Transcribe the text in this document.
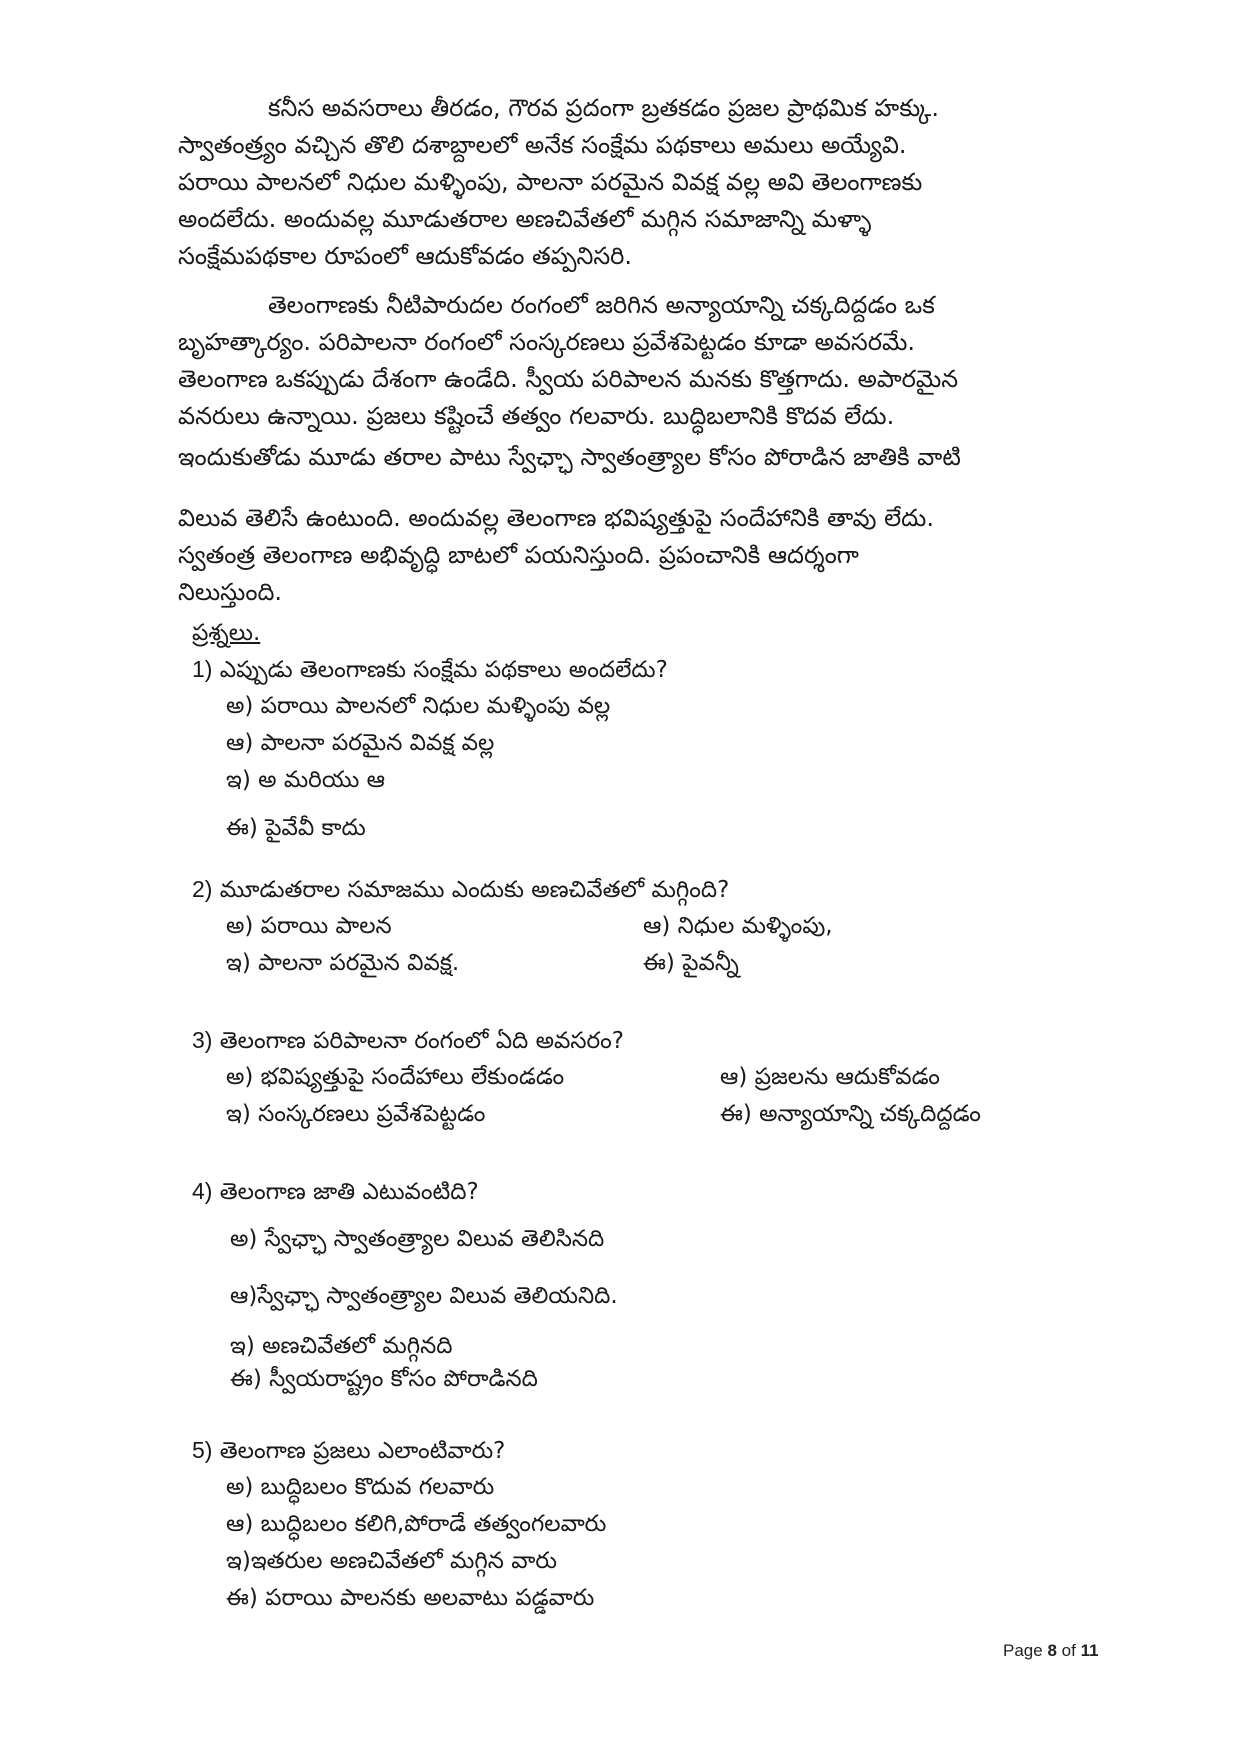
కనీస అవసరాలు తీరడం, గౌరవ ప్రదంగా బ్రతకడం ప్రజల ప్రాథమిక హక్కు.
స్వాతంత్ర్యం వచ్చిన తొలి దశాబ్దాలలో అనేక సంక్షేమ పథకాలు అమలు అయ్యేవి.
పరాయి పాలనలో నిధుల మళ్ళింపు, పాలనా పరమైన వివక్ష వల్ల అవి తెలంగాణకు
అందలేదు. అందువల్ల మూడుతరాల అణచివేతలో మగ్గిన సమాజాన్ని మళ్ళా
సంక్షేమపథకాల రూపంలో ఆదుకోవడం తప్పనిసరి.
తెలంగాణకు నీటిపారుదల రంగంలో జరిగిన అన్యాయాన్ని చక్కదిద్దడం ఒక
బృహత్కార్యం. పరిపాలనా రంగంలో సంస్కరణలు ప్రవేశపెట్టడం కూడా అవసరమే.
తెలంగాణ ఒకప్పుడు దేశంగా ఉండేది. స్వీయ పరిపాలన మనకు కొత్తగాదు. అపారమైన
వనరులు ఉన్నాయి. ప్రజలు కష్టించే తత్వం గలవారు. బుద్ధిబలానికి కొదవ లేదు.
ఇందుకుతోడు మూడు తరాల పాటు స్వేఛ్ఛా స్వాతంత్ర్యాల కోసం పోరాడిన జాతికి వాటి
విలువ తెలిసే ఉంటుంది. అందువల్ల తెలంగాణ భవిష్యత్తుపై సందేహానికి తావు లేదు.
స్వతంత్ర తెలంగాణ అభివృద్ధి బాటలో పయనిస్తుంది. ప్రపంచానికి ఆదర్శంగా
నిలుస్తుంది.
ప్రశ్నలు.
1) ఎప్పుడు తెలంగాణకు సంక్షేమ పథకాలు అందలేదు?
అ) పరాయి పాలనలో నిధుల మళ్ళింపు వల్ల
ఆ) పాలనా పరమైన వివక్ష వల్ల
ఇ) అ మరియు ఆ
ఈ) పైవేవీ కాదు
2) మూడుతరాల సమాజము ఎందుకు అణచివేతలో మగ్గింది?
అ) పరాయి పాలన	ఆ) నిధుల మళ్ళింపు,
ఇ) పాలనా పరమైన వివక్ష.	ఈ) పైవన్నీ
3) తెలంగాణ పరిపాలనా రంగంలో ఏది అవసరం?
అ) భవిష్యత్తుపై సందేహాలు లేకుండడం	ఆ) ప్రజలను ఆదుకోవడం
ఇ) సంస్కరణలు ప్రవేశపెట్టడం	ఈ) అన్యాయాన్ని చక్కదిద్దడం
4) తెలంగాణ జాతి ఎటువంటిది?
అ) స్వేఛ్ఛా స్వాతంత్ర్యాల విలువ తెలిసినది
ఆ)స్వేఛ్ఛా స్వాతంత్ర్యాల విలువ తెలియనిది.
ఇ) అణచివేతలో మగ్గినది
ఈ) స్వీయరాష్ట్రం కోసం పోరాడినది
5) తెలంగాణ ప్రజలు ఎలాంటివారు?
అ) బుద్ధిబలం కొదువ గలవారు
ఆ) బుద్ధిబలం కలిగి,పోరాడే తత్వంగలవారు
ఇ)ఇతరుల అణచివేతలో మగ్గిన వారు
ఈ) పరాయి పాలనకు అలవాటు పడ్డవారు
Page 8 of 11
